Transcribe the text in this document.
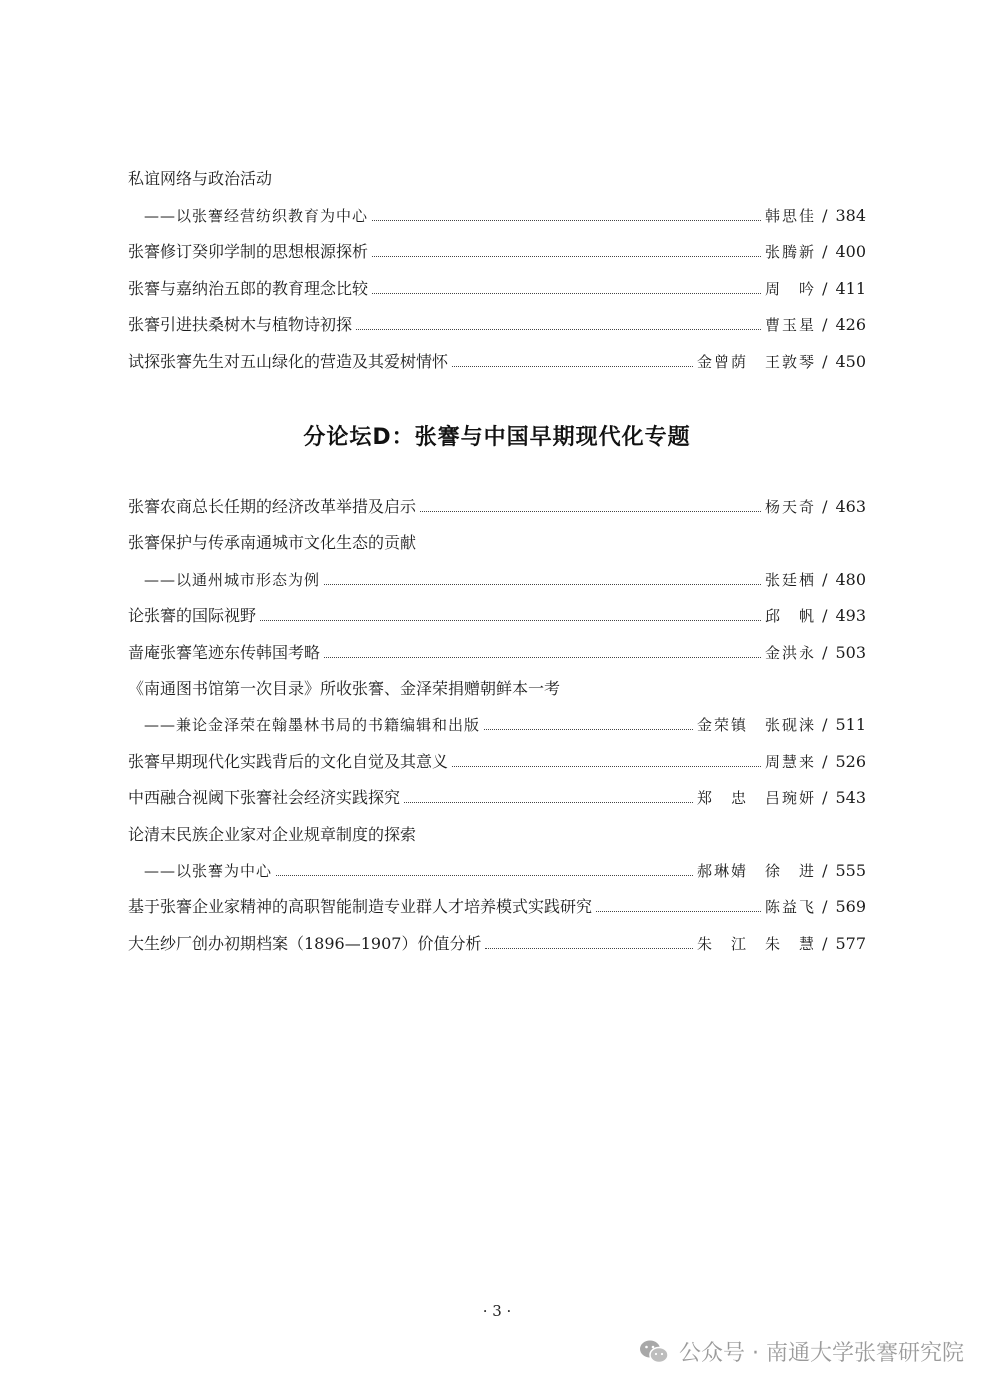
私谊网络与政治活动
——以张謇经营纺织教育为中心	韩思佳 / 384
张謇修订癸卯学制的思想根源探析	张腾新 / 400
张謇与嘉纳治五郎的教育理念比较	周　吟 / 411
张謇引进扶桑树木与植物诗初探	曹玉星 / 426
试探张謇先生对五山绿化的营造及其爱树情怀	金曾荫　王敦琴 / 450
分论坛D：张謇与中国早期现代化专题
张謇农商总长任期的经济改革举措及启示	杨天奇 / 463
张謇保护与传承南通城市文化生态的贡献
——以通州城市形态为例	张廷栖 / 480
论张謇的国际视野	邱　帆 / 493
啬庵张謇笔迹东传韩国考略	金洪永 / 503
《南通图书馆第一次目录》所收张謇、金泽荣捐赠朝鲜本一考
——兼论金泽荣在翰墨林书局的书籍编辑和出版	金荣镇　张砚涞 / 511
张謇早期现代化实践背后的文化自觉及其意义	周慧来 / 526
中西融合视阈下张謇社会经济实践探究	郑　忠　吕琬妍 / 543
论清末民族企业家对企业规章制度的探索
——以张謇为中心	郝琳婧　徐　进 / 555
基于张謇企业家精神的高职智能制造专业群人才培养模式实践研究	陈益飞 / 569
大生纱厂创办初期档案（1896—1907）价值分析	朱　江　朱　慧 / 577
· 3 ·
公众号 · 南通大学张謇研究院
